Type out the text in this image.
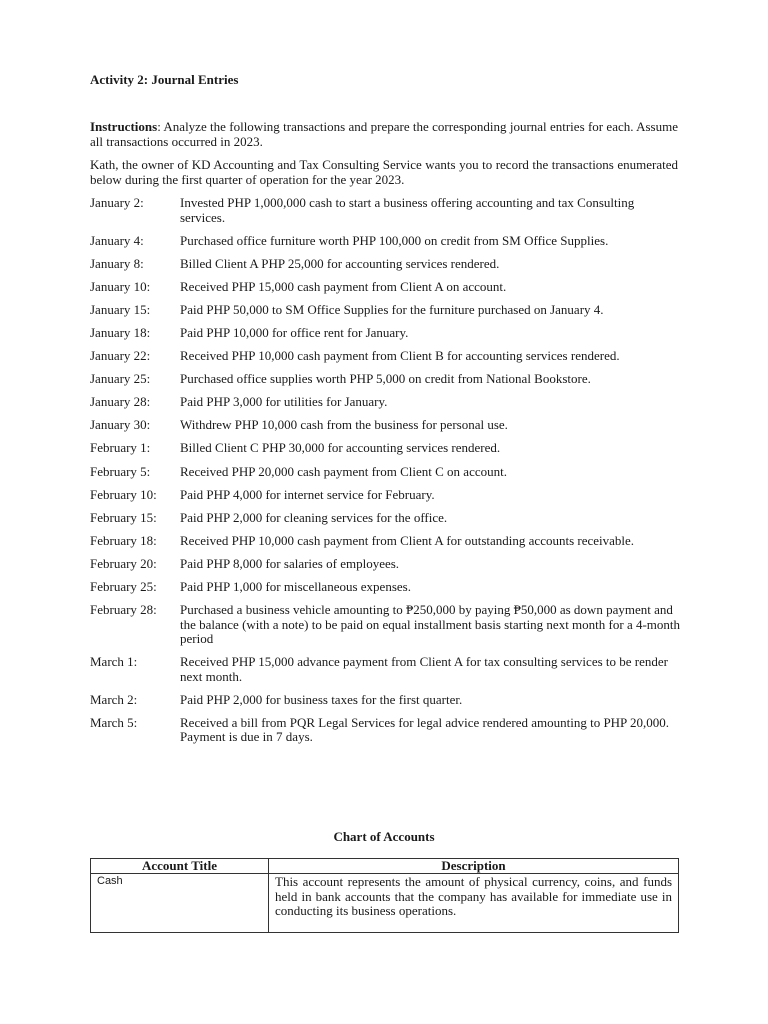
Activity 2: Journal Entries

Instructions: Analyze the following transactions and prepare the corresponding journal entries for each. Assume all transactions occurred in 2023.

Kath, the owner of KD Accounting and Tax Consulting Service wants you to record the transactions enumerated below during the first quarter of operation for the year 2023.

January 2:	Invested PHP 1,000,000 cash to start a business offering accounting and tax Consulting services.
January 4:	Purchased office furniture worth PHP 100,000 on credit from SM Office Supplies.
January 8:	Billed Client A PHP 25,000 for accounting services rendered.
January 10:	Received PHP 15,000 cash payment from Client A on account.
January 15:	Paid PHP 50,000 to SM Office Supplies for the furniture purchased on January 4.
January 18:	Paid PHP 10,000 for office rent for January.
January 22:	Received PHP 10,000 cash payment from Client B for accounting services rendered.
January 25:	Purchased office supplies worth PHP 5,000 on credit from National Bookstore.
January 28:	Paid PHP 3,000 for utilities for January.
January 30:	Withdrew PHP 10,000 cash from the business for personal use.
February 1:	Billed Client C PHP 30,000 for accounting services rendered.
February 5:	Received PHP 20,000 cash payment from Client C on account.
February 10:	Paid PHP 4,000 for internet service for February.
February 15:	Paid PHP 2,000 for cleaning services for the office.
February 18:	Received PHP 10,000 cash payment from Client A for outstanding accounts receivable.
February 20:	Paid PHP 8,000 for salaries of employees.
February 25:	Paid PHP 1,000 for miscellaneous expenses.
February 28:	Purchased a business vehicle amounting to ₱250,000 by paying ₱50,000 as down payment and the balance (with a note) to be paid on equal installment basis starting next month for a 4-month period
March 1:	Received PHP 15,000 advance payment from Client A for tax consulting services to be render next month.
March 2:	Paid PHP 2,000 for business taxes for the first quarter.
March 5:	Received a bill from PQR Legal Services for legal advice rendered amounting to PHP 20,000. Payment is due in 7 days.

Chart of Accounts

Account Title	Description
Cash	This account represents the amount of physical currency, coins, and funds held in bank accounts that the company has available for immediate use in conducting its business operations.
